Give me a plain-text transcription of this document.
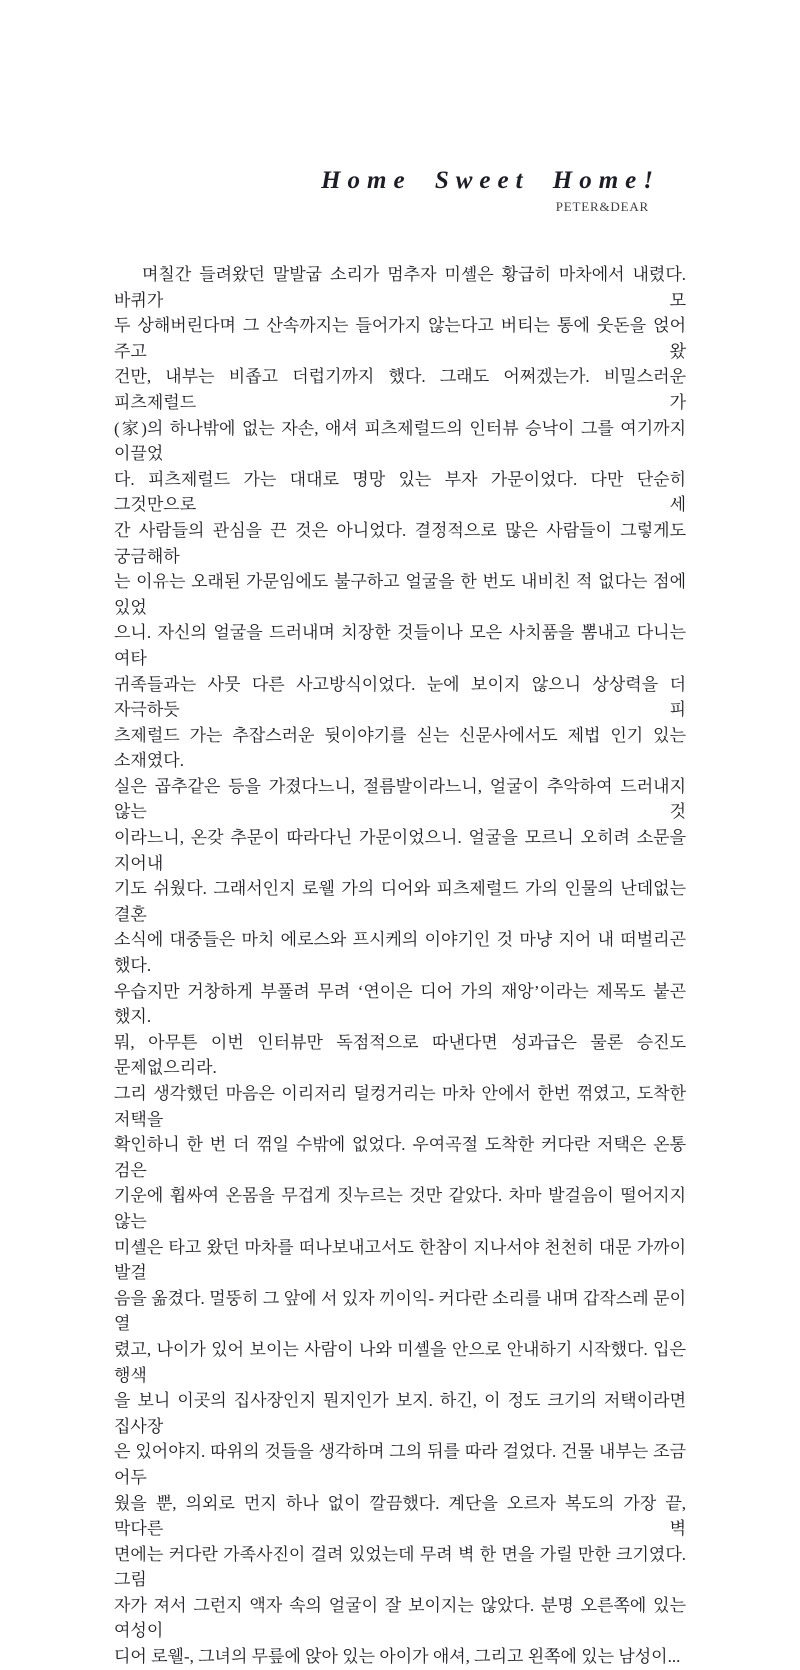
Home Sweet Home!
PETER&DEAR
며칠간 들려왔던 말발굽 소리가 멈추자 미셸은 황급히 마차에서 내렸다. 바퀴가 모
두 상해버린다며 그 산속까지는 들어가지 않는다고 버티는 통에 웃돈을 얹어 주고 왔
건만, 내부는 비좁고 더럽기까지 했다. 그래도 어쩌겠는가. 비밀스러운 피츠제럴드 가
(家)의 하나밖에 없는 자손, 애셔 피츠제럴드의 인터뷰 승낙이 그를 여기까지 이끌었
다. 피츠제럴드 가는 대대로 명망 있는 부자 가문이었다. 다만 단순히 그것만으로 세
간 사람들의 관심을 끈 것은 아니었다. 결정적으로 많은 사람들이 그렇게도 궁금해하
는 이유는 오래된 가문임에도 불구하고 얼굴을 한 번도 내비친 적 없다는 점에 있었
으니. 자신의 얼굴을 드러내며 치장한 것들이나 모은 사치품을 뽐내고 다니는 여타
귀족들과는 사뭇 다른 사고방식이었다. 눈에 보이지 않으니 상상력을 더 자극하듯 피
츠제럴드 가는 추잡스러운 뒷이야기를 싣는 신문사에서도 제법 인기 있는 소재였다.
실은 곱추같은 등을 가졌다느니, 절름발이라느니, 얼굴이 추악하여 드러내지 않는 것
이라느니, 온갖 추문이 따라다닌 가문이었으니. 얼굴을 모르니 오히려 소문을 지어내
기도 쉬웠다. 그래서인지 로웰 가의 디어와 피츠제럴드 가의 인물의 난데없는 결혼
소식에 대중들은 마치 에로스와 프시케의 이야기인 것 마냥 지어 내 떠벌리곤 했다.
우습지만 거창하게 부풀려 무려 ‘연이은 디어 가의 재앙’이라는 제목도 붙곤 했지.
뭐, 아무튼 이번 인터뷰만 독점적으로 따낸다면 성과급은 물론 승진도 문제없으리라.
그리 생각했던 마음은 이리저리 덜컹거리는 마차 안에서 한번 꺾였고, 도착한 저택을
확인하니 한 번 더 꺾일 수밖에 없었다. 우여곡절 도착한 커다란 저택은 온통 검은
기운에 휩싸여 온몸을 무겁게 짓누르는 것만 같았다. 차마 발걸음이 떨어지지 않는
미셸은 타고 왔던 마차를 떠나보내고서도 한참이 지나서야 천천히 대문 가까이 발걸
음을 옮겼다. 멀뚱히 그 앞에 서 있자 끼이익- 커다란 소리를 내며 갑작스레 문이 열
렸고, 나이가 있어 보이는 사람이 나와 미셸을 안으로 안내하기 시작했다. 입은 행색
을 보니 이곳의 집사장인지 뭔지인가 보지. 하긴, 이 정도 크기의 저택이라면 집사장
은 있어야지. 따위의 것들을 생각하며 그의 뒤를 따라 걸었다. 건물 내부는 조금 어두
웠을 뿐, 의외로 먼지 하나 없이 깔끔했다. 계단을 오르자 복도의 가장 끝, 막다른 벽
면에는 커다란 가족사진이 걸려 있었는데 무려 벽 한 면을 가릴 만한 크기였다. 그림
자가 져서 그런지 액자 속의 얼굴이 잘 보이지는 않았다. 분명 오른쪽에 있는 여성이
디어 로웰-, 그녀의 무릎에 앉아 있는 아이가 애셔, 그리고 왼쪽에 있는 남성이...
